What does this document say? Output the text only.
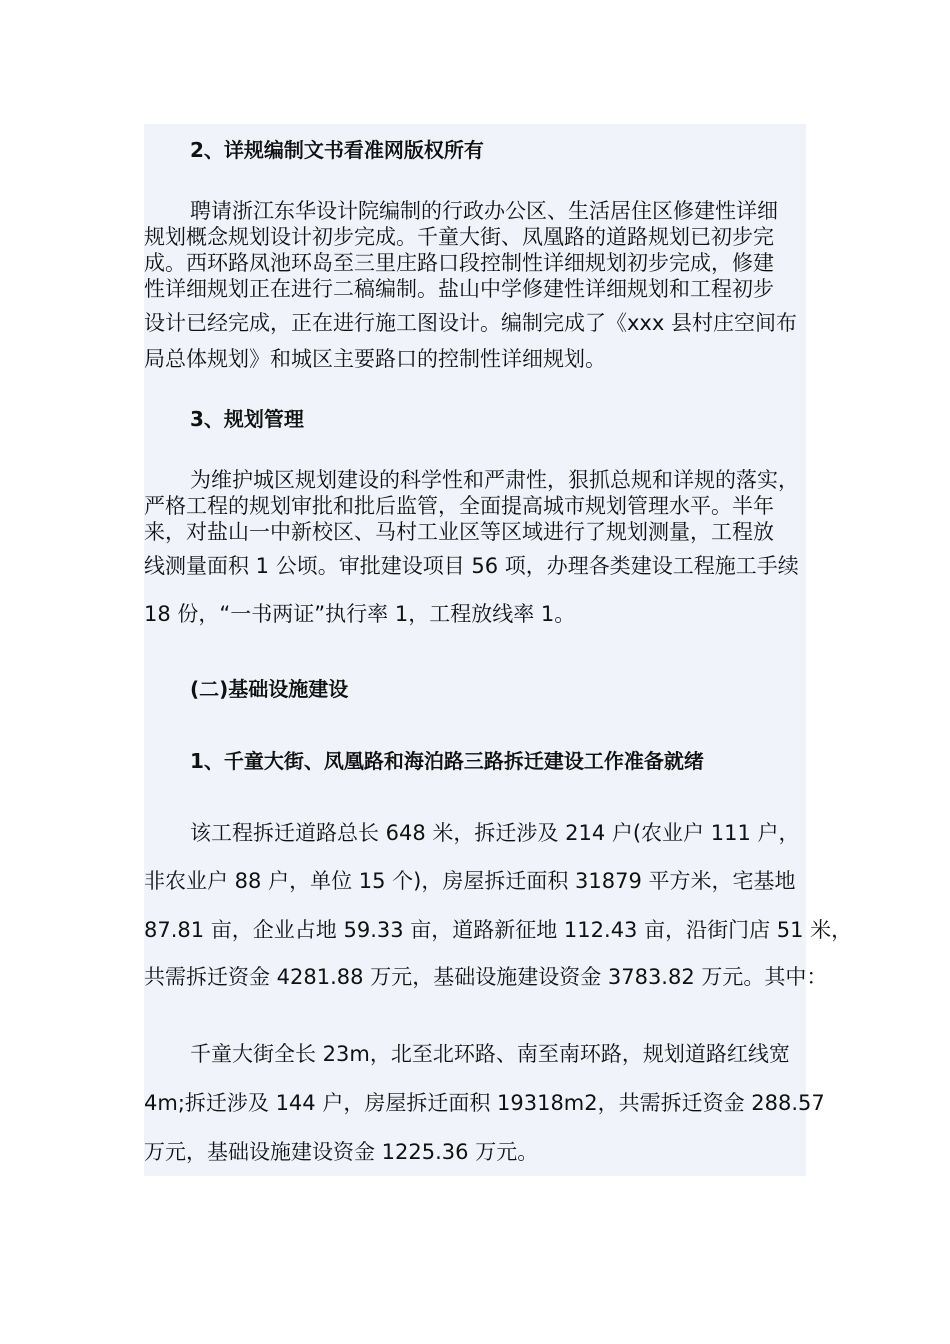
2、详规编制文书看准网版权所有
聘请浙江东华设计院编制的行政办公区、生活居住区修建性详细
规划概念规划设计初步完成。千童大街、凤凰路的道路规划已初步完
成。西环路凤池环岛至三里庄路口段控制性详细规划初步完成，修建
性详细规划正在进行二稿编制。盐山中学修建性详细规划和工程初步
设计已经完成，正在进行施工图设计。编制完成了《xxx 县村庄空间布
局总体规划》和城区主要路口的控制性详细规划。
3、规划管理
为维护城区规划建设的科学性和严肃性，狠抓总规和详规的落实，
严格工程的规划审批和批后监管，全面提高城市规划管理水平。半年
来，对盐山一中新校区、马村工业区等区域进行了规划测量，工程放
线测量面积 1 公顷。审批建设项目 56 项，办理各类建设工程施工手续
18 份，“一书两证”执行率 1，工程放线率 1。
(二)基础设施建设
1、千童大街、凤凰路和海泊路三路拆迁建设工作准备就绪
该工程拆迁道路总长 648 米，拆迁涉及 214 户(农业户 111 户，
非农业户 88 户，单位 15 个)，房屋拆迁面积 31879 平方米，宅基地
87.81 亩，企业占地 59.33 亩，道路新征地 112.43 亩，沿街门店 51 米，
共需拆迁资金 4281.88 万元，基础设施建设资金 3783.82 万元。其中：
千童大街全长 23m，北至北环路、南至南环路，规划道路红线宽
4m;拆迁涉及 144 户，房屋拆迁面积 19318m2，共需拆迁资金 288.57
万元，基础设施建设资金 1225.36 万元。
